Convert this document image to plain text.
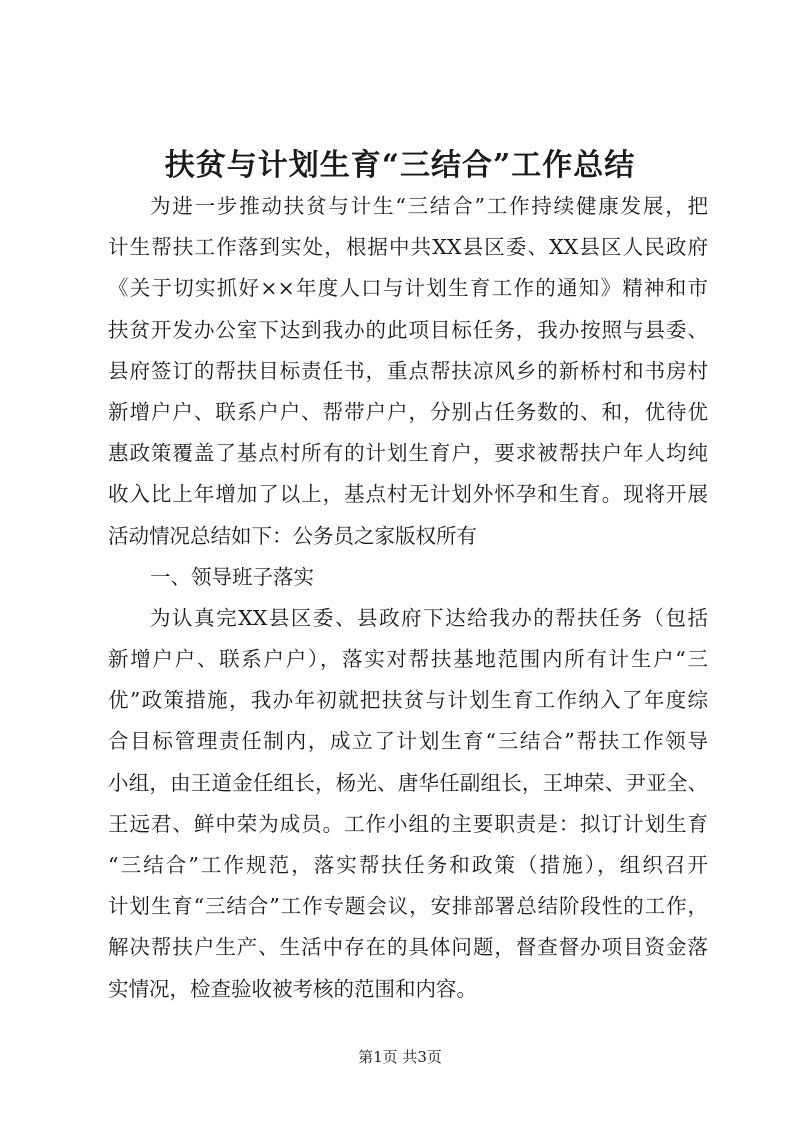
扶贫与计划生育“三结合”工作总结
为进一步推动扶贫与计生“三结合”工作持续健康发展，把
计生帮扶工作落到实处，根据中共XX县区委、XX县区人民政府
《关于切实抓好××年度人口与计划生育工作的通知》精神和市
扶贫开发办公室下达到我办的此项目标任务，我办按照与县委、
县府签订的帮扶目标责任书，重点帮扶凉风乡的新桥村和书房村
新增户户、联系户户、帮带户户，分别占任务数的、和，优待优
惠政策覆盖了基点村所有的计划生育户，要求被帮扶户年人均纯
收入比上年增加了以上，基点村无计划外怀孕和生育。现将开展
活动情况总结如下：公务员之家版权所有
一、领导班子落实
为认真完XX县区委、县政府下达给我办的帮扶任务（包括
新增户户、联系户户），落实对帮扶基地范围内所有计生户“三
优”政策措施，我办年初就把扶贫与计划生育工作纳入了年度综
合目标管理责任制内，成立了计划生育“三结合”帮扶工作领导
小组，由王道金任组长，杨光、唐华任副组长，王坤荣、尹亚全、
王远君、鲜中荣为成员。工作小组的主要职责是：拟订计划生育
“三结合”工作规范，落实帮扶任务和政策（措施），组织召开
计划生育“三结合”工作专题会议，安排部署总结阶段性的工作，
解决帮扶户生产、生活中存在的具体问题，督查督办项目资金落
实情况，检查验收被考核的范围和内容。
第1页 共3页
